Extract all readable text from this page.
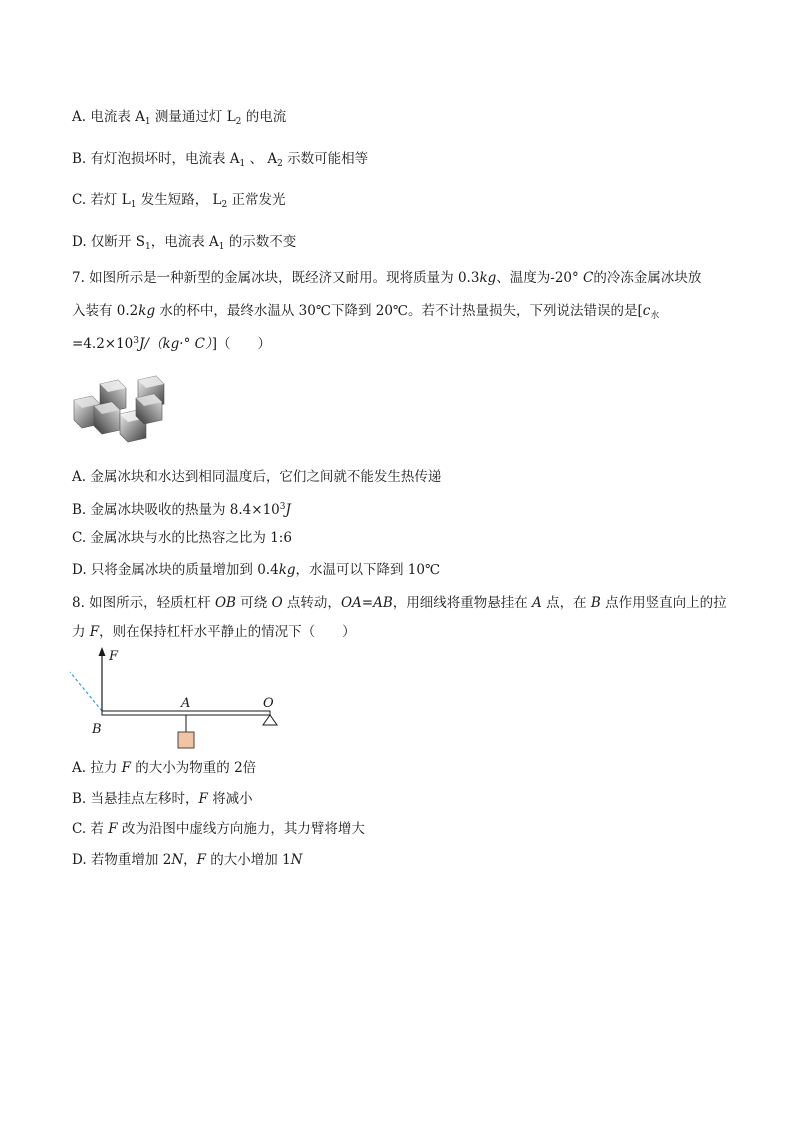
A. 电流表 $A_1$ 测量通过灯 $L_2$ 的电流
B. 有灯泡损坏时，电流表 $A_1$ 、 $A_2$ 示数可能相等
C. 若灯 $L_1$ 发生短路， $L_2$ 正常发光
D. 仅断开 $S_1$，电流表 $A_1$ 的示数不变
7. 如图所示是一种新型的金属冰块，既经济又耐用。现将质量为 0.3kg、温度为-20° C的冷冻金属冰块放
入装有 0.2kg 水的杯中，最终水温从 30℃下降到 20℃。若不计热量损失，下列说法错误的是[$c_水$
$=4.2\times 10^3J/(kg\cdot^\circ$ C）]（　　）
A. 金属冰块和水达到相同温度后，它们之间就不能发生热传递
B. 金属冰块吸收的热量为 $8.4\times 10^3J$
C. 金属冰块与水的比热容之比为 1:6
D. 只将金属冰块的质量增加到 0.4kg，水温可以下降到 10℃
8. 如图所示，轻质杠杆 OB 可绕 O 点转动，OA=AB，用细线将重物悬挂在 A 点，在 B 点作用竖直向上的拉
力 F，则在保持杠杆水平静止的情况下（　　）
F
O
A
B
A. 拉力 F 的大小为物重的 2倍
B. 当悬挂点左移时，F 将减小
C. 若 F 改为沿图中虚线方向施力，其力臂将增大
D. 若物重增加 2N，F 的大小增加 1N
